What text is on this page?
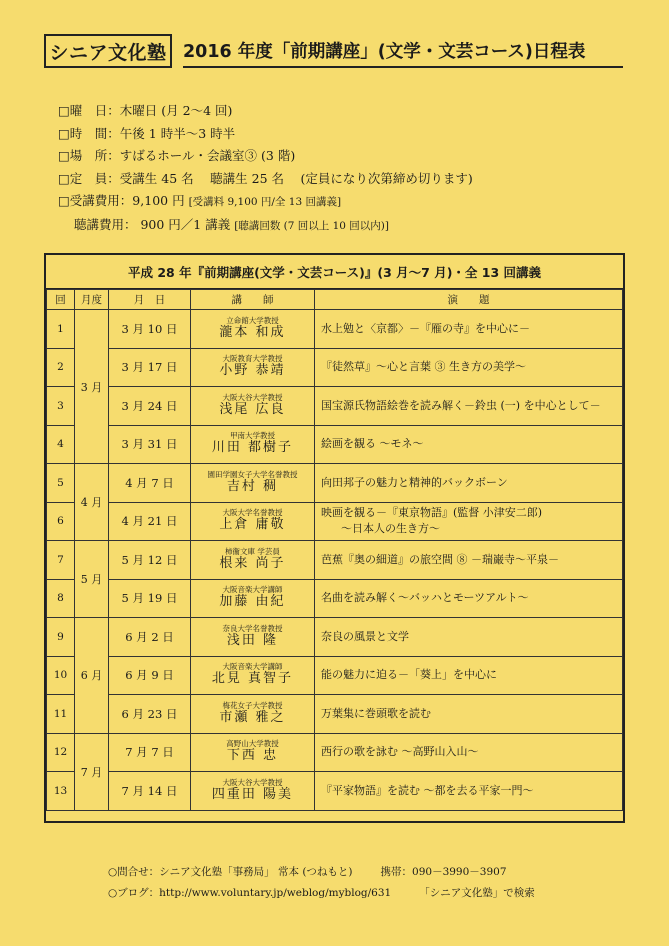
シニア文化塾 2016 年度「前期講座」(文学・文芸コース)日程表
□曜　日：木曜日 (月 2～4 回)
□時　間：午後 1 時半～3 時半
□場　所：すばるホール・会議室③ (3 階)
□定　員：受講生 45 名　 聴講生 25 名　 (定員になり次第締め切ります)
□受講費用：9,100 円 [受講料 9,100 円/全 13 回講義]
聴講費用： 900 円／1 講義 [聴講回数 (7 回以上 10 回以内)]
平成 28 年『前期講座(文学・文芸コース)』(3 月～7 月)・全 13 回講義
回	月度	月　日	講　　師	演　　題
1	3 月	3 月 10 日	立命館大学教授
瀧本 和成	水上勉と〈京都〉－『雁の寺』を中心に－
2		3 月 17 日	大阪教育大学教授
小野 恭靖	『徒然草』～心と言葉 ③ 生き方の美学～
3		3 月 24 日	大阪大谷大学教授
浅尾 広良	国宝源氏物語絵巻を読み解く－鈴虫 (一) を中心として－
4		3 月 31 日	甲南大学教授
川田 都樹子	絵画を観る ～モネ～
5	4 月	4 月 7 日	園田学園女子大学名誉教授
吉村 稠	向田邦子の魅力と精神的バックボーン
6		4 月 21 日	大阪大学名誉教授
上倉 庸敬	映画を観る－『東京物語』(監督 小津安二郎)
～日本人の生き方～

7	5 月	5 月 12 日	柿衞文庫 学芸員
根来 尚子	芭蕉『奥の細道』の旅空間 ⑧ －瑞巌寺～平泉－
8		5 月 19 日	大阪音楽大学講師
加藤 由紀	名曲を読み解く～バッハとモーツアルト～
9	6 月	6 月 2 日	奈良大学名誉教授
浅田 隆	奈良の風景と文学
10		6 月 9 日	大阪音楽大学講師
北見 真智子	能の魅力に迫る－「葵上」を中心に
11		6 月 23 日	梅花女子大学教授
市瀬 雅之	万葉集に巻頭歌を読む
12	7 月	7 月 7 日	高野山大学教授
下西 忠	西行の歌を詠む ～高野山入山～
13		7 月 14 日	大阪大谷大学教授
四重田 陽美	『平家物語』を読む ～都を去る平家一門～
○問合せ：シニア文化塾「事務局」 常本 (つねもと)	携帯：090－3990－3907
○ブログ：http://www.voluntary.jp/weblog/myblog/631	「シニア文化塾」で検索
